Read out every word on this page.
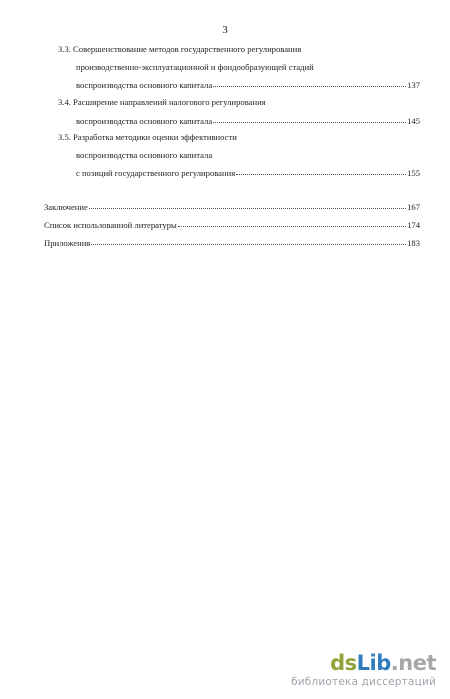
3
3.3. Совершенствование методов государственного регулирования
производственно-эксплуатационной и фондообразующей стадий
воспроизводства основного капитала	137
3.4. Расширение направлений налогового регулирования
воспроизводства основного капитала	145
3.5. Разработка методики оценки эффективности
воспроизводства основного капитала
с позиций государственного регулирования	155
Заключение	167
Список использованной литературы	174
Приложения	183
dsLib.net
библиотека диссертаций
